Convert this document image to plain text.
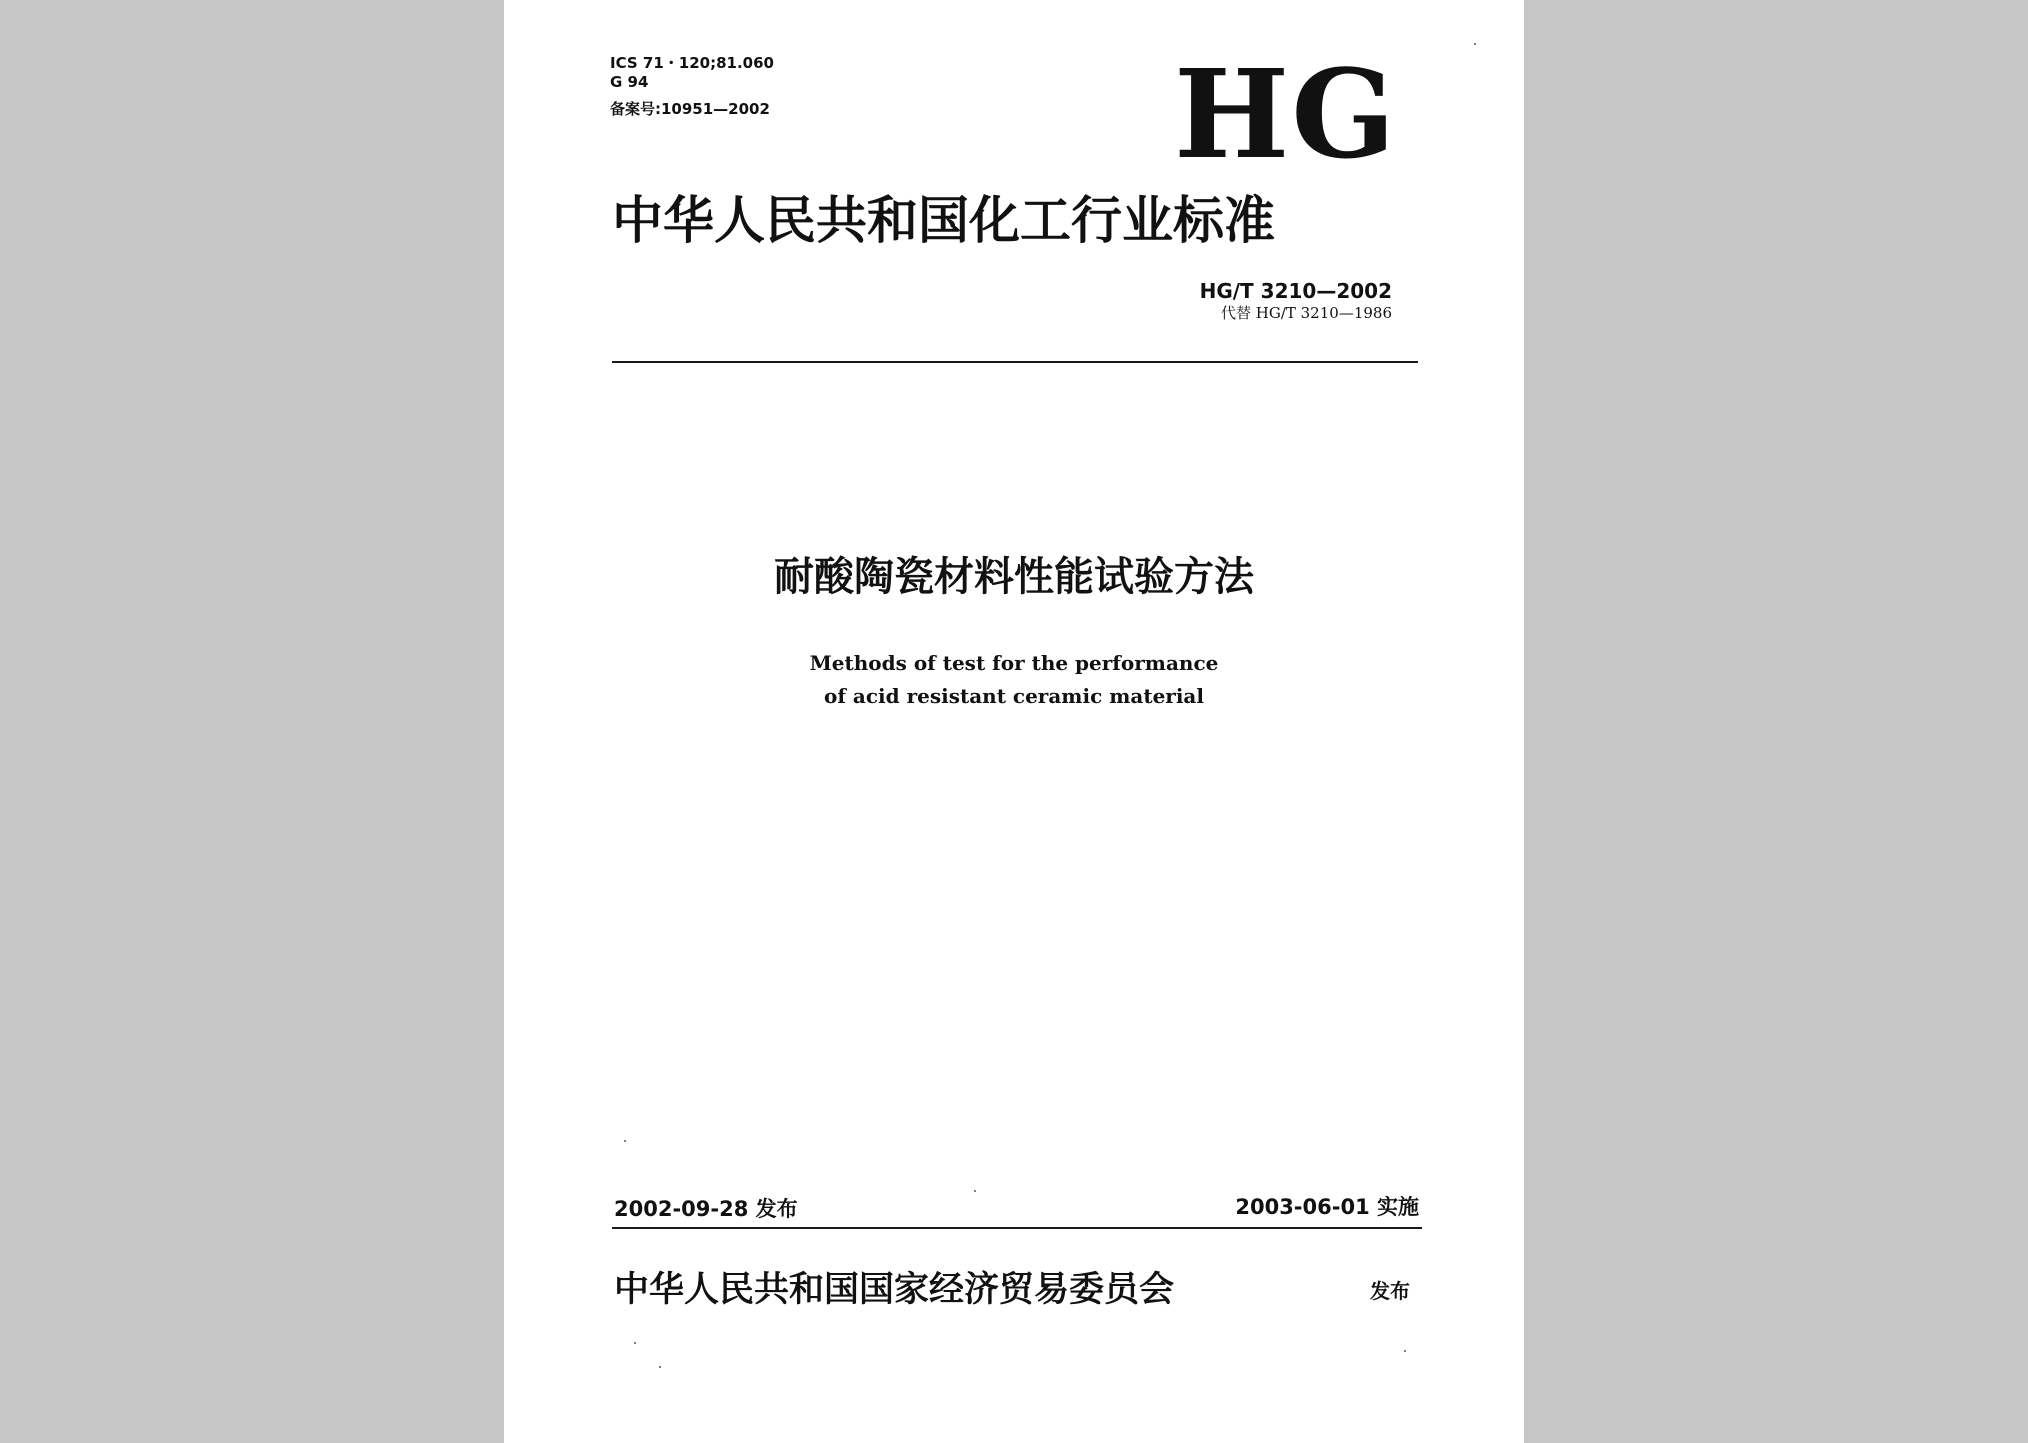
ICS 71・120;81.060
G 94
备案号:10951—2002	HG
中华人民共和国化工行业标准
HG/T 3210—2002
代替 HG/T 3210—1986
耐酸陶瓷材料性能试验方法
Methods of test for the performance
of acid resistant ceramic material
2002-09-28 发布	2003-06-01 实施
中华人民共和国国家经济贸易委员会	发布
